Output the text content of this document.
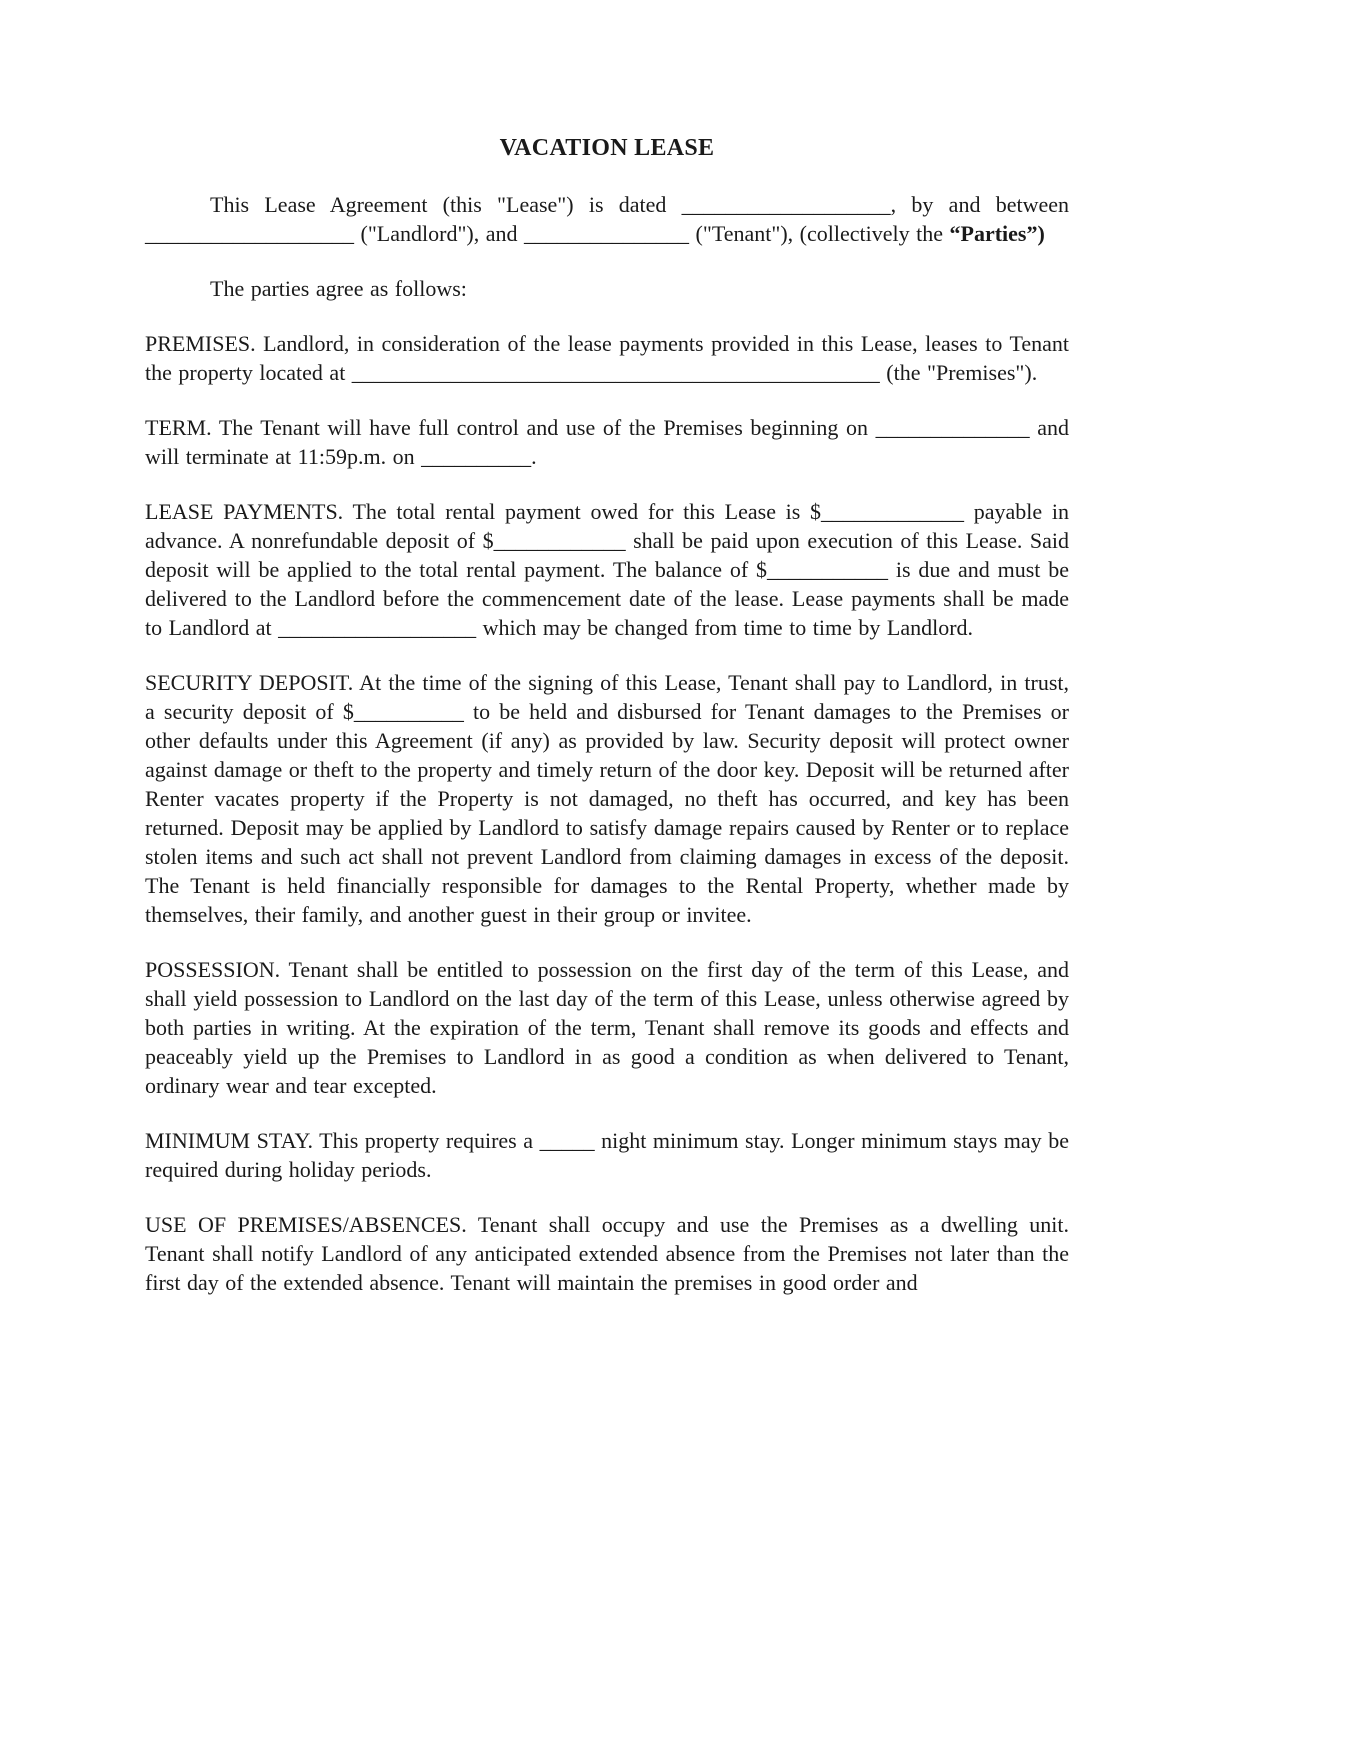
VACATION LEASE
This Lease Agreement (this "Lease") is dated ___________________, by and between ___________________ ("Landlord"), and _______________ ("Tenant"), (collectively the “Parties”)
The parties agree as follows:
PREMISES. Landlord, in consideration of the lease payments provided in this Lease, leases to Tenant the property located at ________________________________________________ (the "Premises").
TERM. The Tenant will have full control and use of the Premises beginning on ______________ and will terminate at 11:59p.m. on __________.
LEASE PAYMENTS. The total rental payment owed for this Lease is $_____________ payable in advance. A nonrefundable deposit of $____________ shall be paid upon execution of this Lease. Said deposit will be applied to the total rental payment. The balance of $___________ is due and must be delivered to the Landlord before the commencement date of the lease. Lease payments shall be made to Landlord at __________________ which may be changed from time to time by Landlord.
SECURITY DEPOSIT. At the time of the signing of this Lease, Tenant shall pay to Landlord, in trust, a security deposit of $__________ to be held and disbursed for Tenant damages to the Premises or other defaults under this Agreement (if any) as provided by law. Security deposit will protect owner against damage or theft to the property and timely return of the door key. Deposit will be returned after Renter vacates property if the Property is not damaged, no theft has occurred, and key has been returned. Deposit may be applied by Landlord to satisfy damage repairs caused by Renter or to replace stolen items and such act shall not prevent Landlord from claiming damages in excess of the deposit. The Tenant is held financially responsible for damages to the Rental Property, whether made by themselves, their family, and another guest in their group or invitee.
POSSESSION. Tenant shall be entitled to possession on the first day of the term of this Lease, and shall yield possession to Landlord on the last day of the term of this Lease, unless otherwise agreed by both parties in writing. At the expiration of the term, Tenant shall remove its goods and effects and peaceably yield up the Premises to Landlord in as good a condition as when delivered to Tenant, ordinary wear and tear excepted.
MINIMUM STAY. This property requires a _____ night minimum stay. Longer minimum stays may be required during holiday periods.
USE OF PREMISES/ABSENCES. Tenant shall occupy and use the Premises as a dwelling unit. Tenant shall notify Landlord of any anticipated extended absence from the Premises not later than the first day of the extended absence. Tenant will maintain the premises in good order and
